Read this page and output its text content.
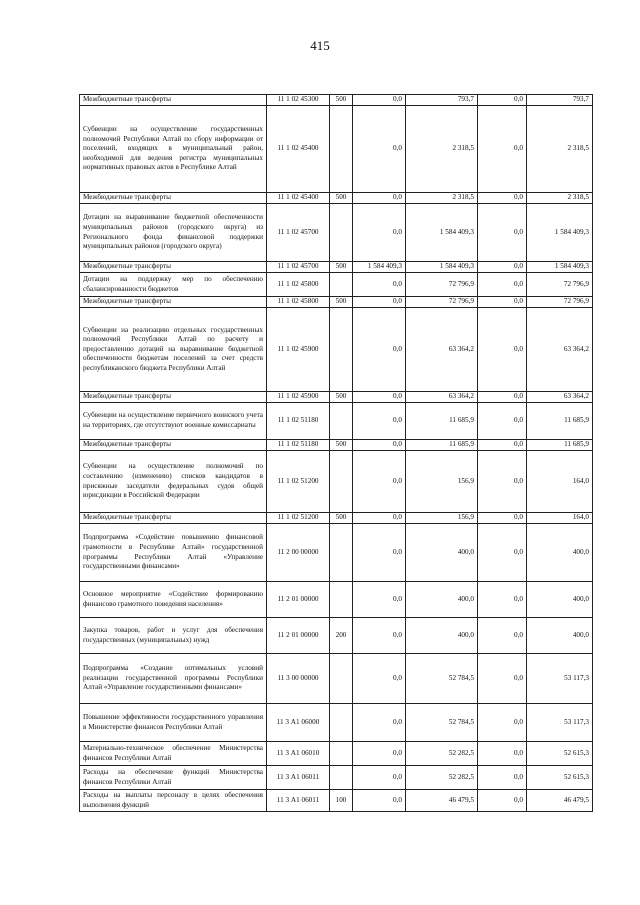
415
Межбюджетные трансферты	11 1 02 45300	500	0,0	793,7	0,0	793,7
Субвенции на осуществление государственных полномочий Республики Алтай по сбору информации от поселений, входящих в муниципальный район, необходимой для ведения регистра муниципальных нормативных правовых актов в Республике Алтай	11 1 02 45400		0,0	2 318,5	0,0	2 318,5
Межбюджетные трансферты	11 1 02 45400	500	0,0	2 318,5	0,0	2 318,5
Дотации на выравнивание бюджетной обеспеченности муниципальных районов (городского округа) из Регионального фонда финансовой поддержки муниципальных районов (городского округа)	11 1 02 45700		0,0	1 584 409,3	0,0	1 584 409,3
Межбюджетные трансферты	11 1 02 45700	500	1 584 409,3	1 584 409,3	0,0	1 584 409,3
Дотации на поддержку мер по обеспечению сбалансированности бюджетов	11 1 02 45800		0,0	72 796,9	0,0	72 796,9
Межбюджетные трансферты	11 1 02 45800	500	0,0	72 796,9	0,0	72 796,9
Субвенции на реализацию отдельных государственных полномочий Республики Алтай по расчету и предоставлению дотаций на выравнивание бюджетной обеспеченности бюджетам поселений за счет средств республиканского бюджета Республики Алтай	11 1 02 45900		0,0	63 364,2	0,0	63 364,2
Межбюджетные трансферты	11 1 02 45900	500	0,0	63 364,2	0,0	63 364,2
Субвенции на осуществление первичного воинского учета на территориях, где отсутствуют военные комиссариаты	11 1 02 51180		0,0	11 685,9	0,0	11 685,9
Межбюджетные трансферты	11 1 02 51180	500	0,0	11 685,9	0,0	11 685,9
Субвенции на осуществление полномочий по составлению (изменению) списков кандидатов в присяжные заседатели федеральных судов общей юрисдикции в Российской Федерации	11 1 02 51200		0,0	156,9	0,0	164,0
Межбюджетные трансферты	11 1 02 51200	500	0,0	156,9	0,0	164,0
Подпрограмма «Содействие повышению финансовой грамотности в Республике Алтай» государственной программы Республики Алтай «Управление государственными финансами»	11 2 00 00000		0,0	400,0	0,0	400,0
Основное мероприятие «Содействие формированию финансово грамотного поведения населения»	11 2 01 00000		0,0	400,0	0,0	400,0
Закупка товаров, работ и услуг для обеспечения государственных (муниципальных) нужд	11 2 01 00000	200	0,0	400,0	0,0	400,0
Подпрограмма «Создание оптимальных условий реализации государственной программы Республики Алтай «Управление государственными финансами»	11 3 00 00000		0,0	52 784,5	0,0	53 117,3
Повышение эффективности государственного управления в Министерстве финансов Республики Алтай	11 3 А1 06000		0,0	52 784,5	0,0	53 117,3
Материально-техническое обеспечение Министерства финансов Республики Алтай	11 3 А1 06010		0,0	52 282,5	0,0	52 615,3
Расходы на обеспечение функций Министерства финансов Республики Алтай	11 3 А1 06011		0,0	52 282,5	0,0	52 615,3
Расходы на выплаты персоналу в целях обеспечения выполнения функций	11 3 А1 06011	100	0,0	46 479,5	0,0	46 479,5
